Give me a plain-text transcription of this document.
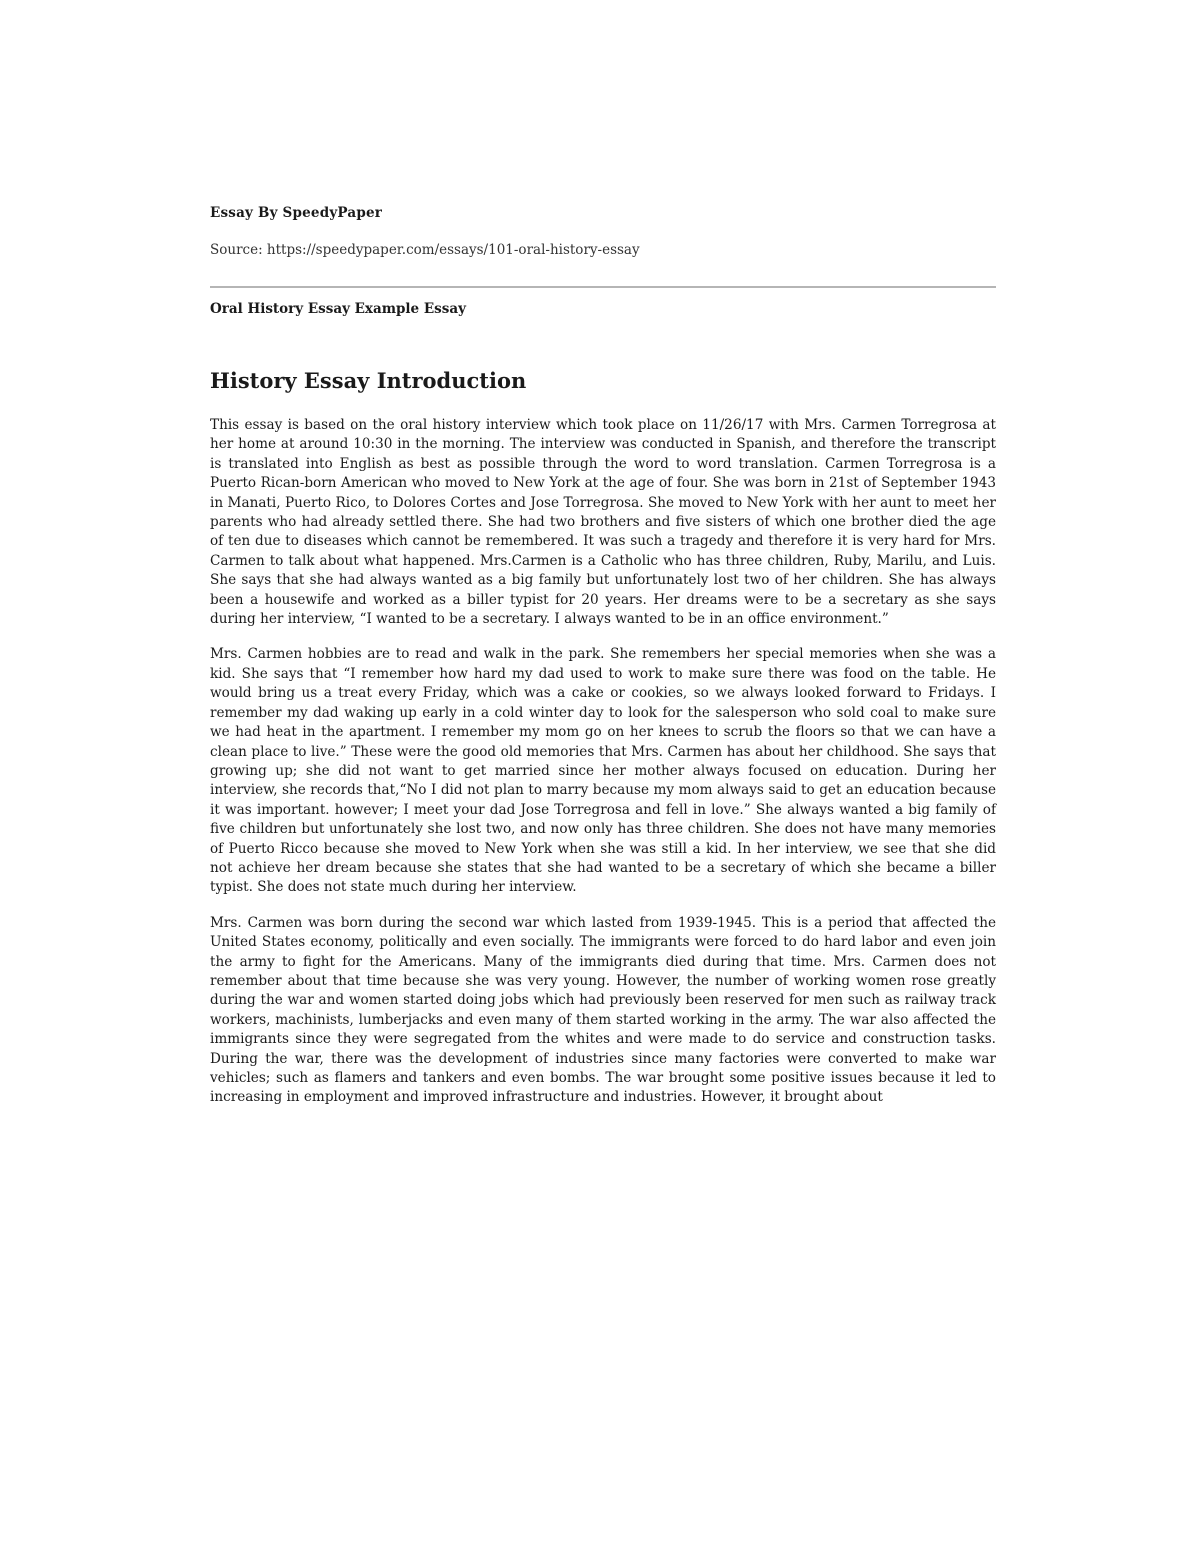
Essay By SpeedyPaper
Source: https://speedypaper.com/essays/101-oral-history-essay
Oral History Essay Example Essay
History Essay Introduction

This essay is based on the oral history interview which took place on 11/26/17 with Mrs. Carmen Torregrosa at her home at around 10:30 in the morning. The interview was conducted in Spanish, and therefore the transcript is translated into English as best as possible through the word to word translation. Carmen Torregrosa is a Puerto Rican-born American who moved to New York at the age of four. She was born in 21st of September 1943 in Manati, Puerto Rico, to Dolores Cortes and Jose Torregrosa. She moved to New York with her aunt to meet her parents who had already settled there. She had two brothers and five sisters of which one brother died the age of ten due to diseases which cannot be remembered. It was such a tragedy and therefore it is very hard for Mrs. Carmen to talk about what happened. Mrs.Carmen is a Catholic who has three children, Ruby, Marilu, and Luis. She says that she had always wanted as a big family but unfortunately lost two of her children. She has always been a housewife and worked as a biller typist for 20 years. Her dreams were to be a secretary as she says during her interview, “I wanted to be a secretary. I always wanted to be in an office environment.”

Mrs. Carmen hobbies are to read and walk in the park. She remembers her special memories when she was a kid. She says that “I remember how hard my dad used to work to make sure there was food on the table. He would bring us a treat every Friday, which was a cake or cookies, so we always looked forward to Fridays. I remember my dad waking up early in a cold winter day to look for the salesperson who sold coal to make sure we had heat in the apartment. I remember my mom go on her knees to scrub the floors so that we can have a clean place to live.” These were the good old memories that Mrs. Carmen has about her childhood. She says that growing up; she did not want to get married since her mother always focused on education. During her interview, she records that,“No I did not plan to marry because my mom always said to get an education because it was important. however; I meet your dad Jose Torregrosa and fell in love.” She always wanted a big family of five children but unfortunately she lost two, and now only has three children. She does not have many memories of Puerto Ricco because she moved to New York when she was still a kid. In her interview, we see that she did not achieve her dream because she states that she had wanted to be a secretary of which she became a biller typist. She does not state much during her interview.

Mrs. Carmen was born during the second war which lasted from 1939-1945. This is a period that affected the United States economy, politically and even socially. The immigrants were forced to do hard labor and even join the army to fight for the Americans. Many of the immigrants died during that time. Mrs. Carmen does not remember about that time because she was very young. However, the number of working women rose greatly during the war and women started doing jobs which had previously been reserved for men such as railway track workers, machinists, lumberjacks and even many of them started working in the army. The war also affected the immigrants since they were segregated from the whites and were made to do service and construction tasks. During the war, there was the development of industries since many factories were converted to make war vehicles; such as flamers and tankers and even bombs. The war brought some positive issues because it led to increasing in employment and improved infrastructure and industries. However, it brought about
